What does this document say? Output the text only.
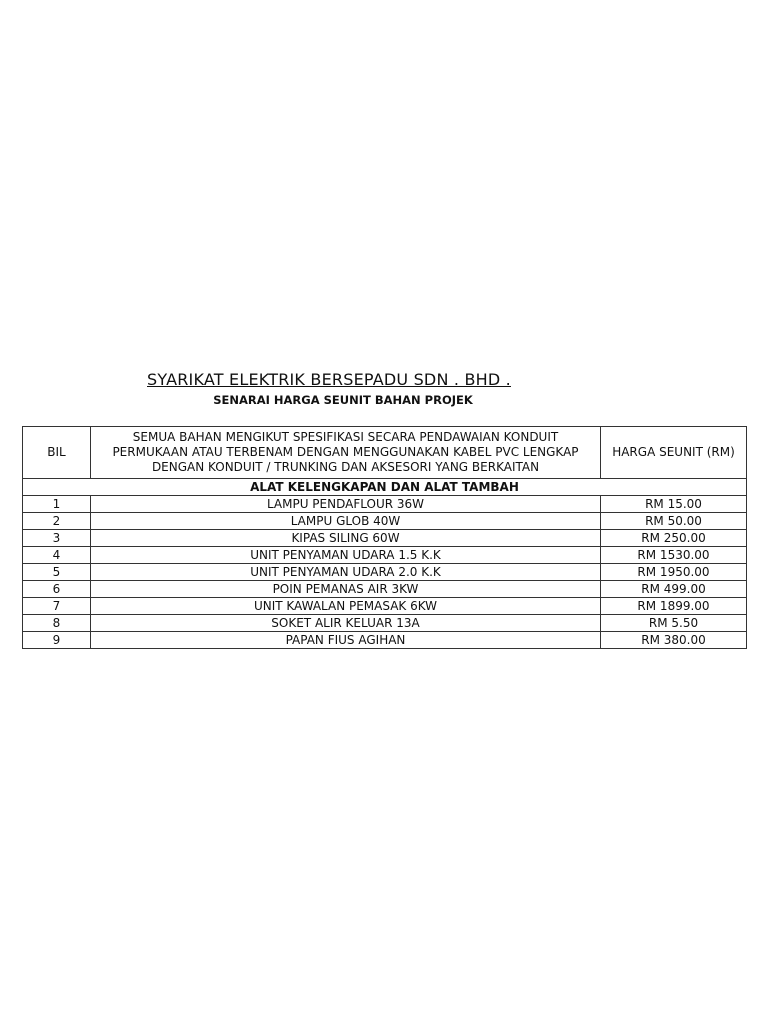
SYARIKAT ELEKTRIK BERSEPADU SDN . BHD .
SENARAI HARGA SEUNIT BAHAN PROJEK
BIL	SEMUA BAHAN MENGIKUT SPESIFIKASI SECARA PENDAWAIAN KONDUIT
PERMUKAAN ATAU TERBENAM DENGAN MENGGUNAKAN KABEL PVC LENGKAP
DENGAN KONDUIT / TRUNKING DAN AKSESORI YANG BERKAITAN	HARGA SEUNIT (RM)
ALAT KELENGKAPAN DAN ALAT TAMBAH		
1	LAMPU PENDAFLOUR 36W	RM 15.00
2	LAMPU GLOB 40W	RM 50.00
3	KIPAS SILING 60W	RM 250.00
4	UNIT PENYAMAN UDARA 1.5 K.K	RM 1530.00
5	UNIT PENYAMAN UDARA 2.0 K.K	RM 1950.00
6	POIN PEMANAS AIR 3KW	RM 499.00
7	UNIT KAWALAN PEMASAK 6KW	RM 1899.00
8	SOKET ALIR KELUAR 13A	RM 5.50
9	PAPAN FIUS AGIHAN	RM 380.00
